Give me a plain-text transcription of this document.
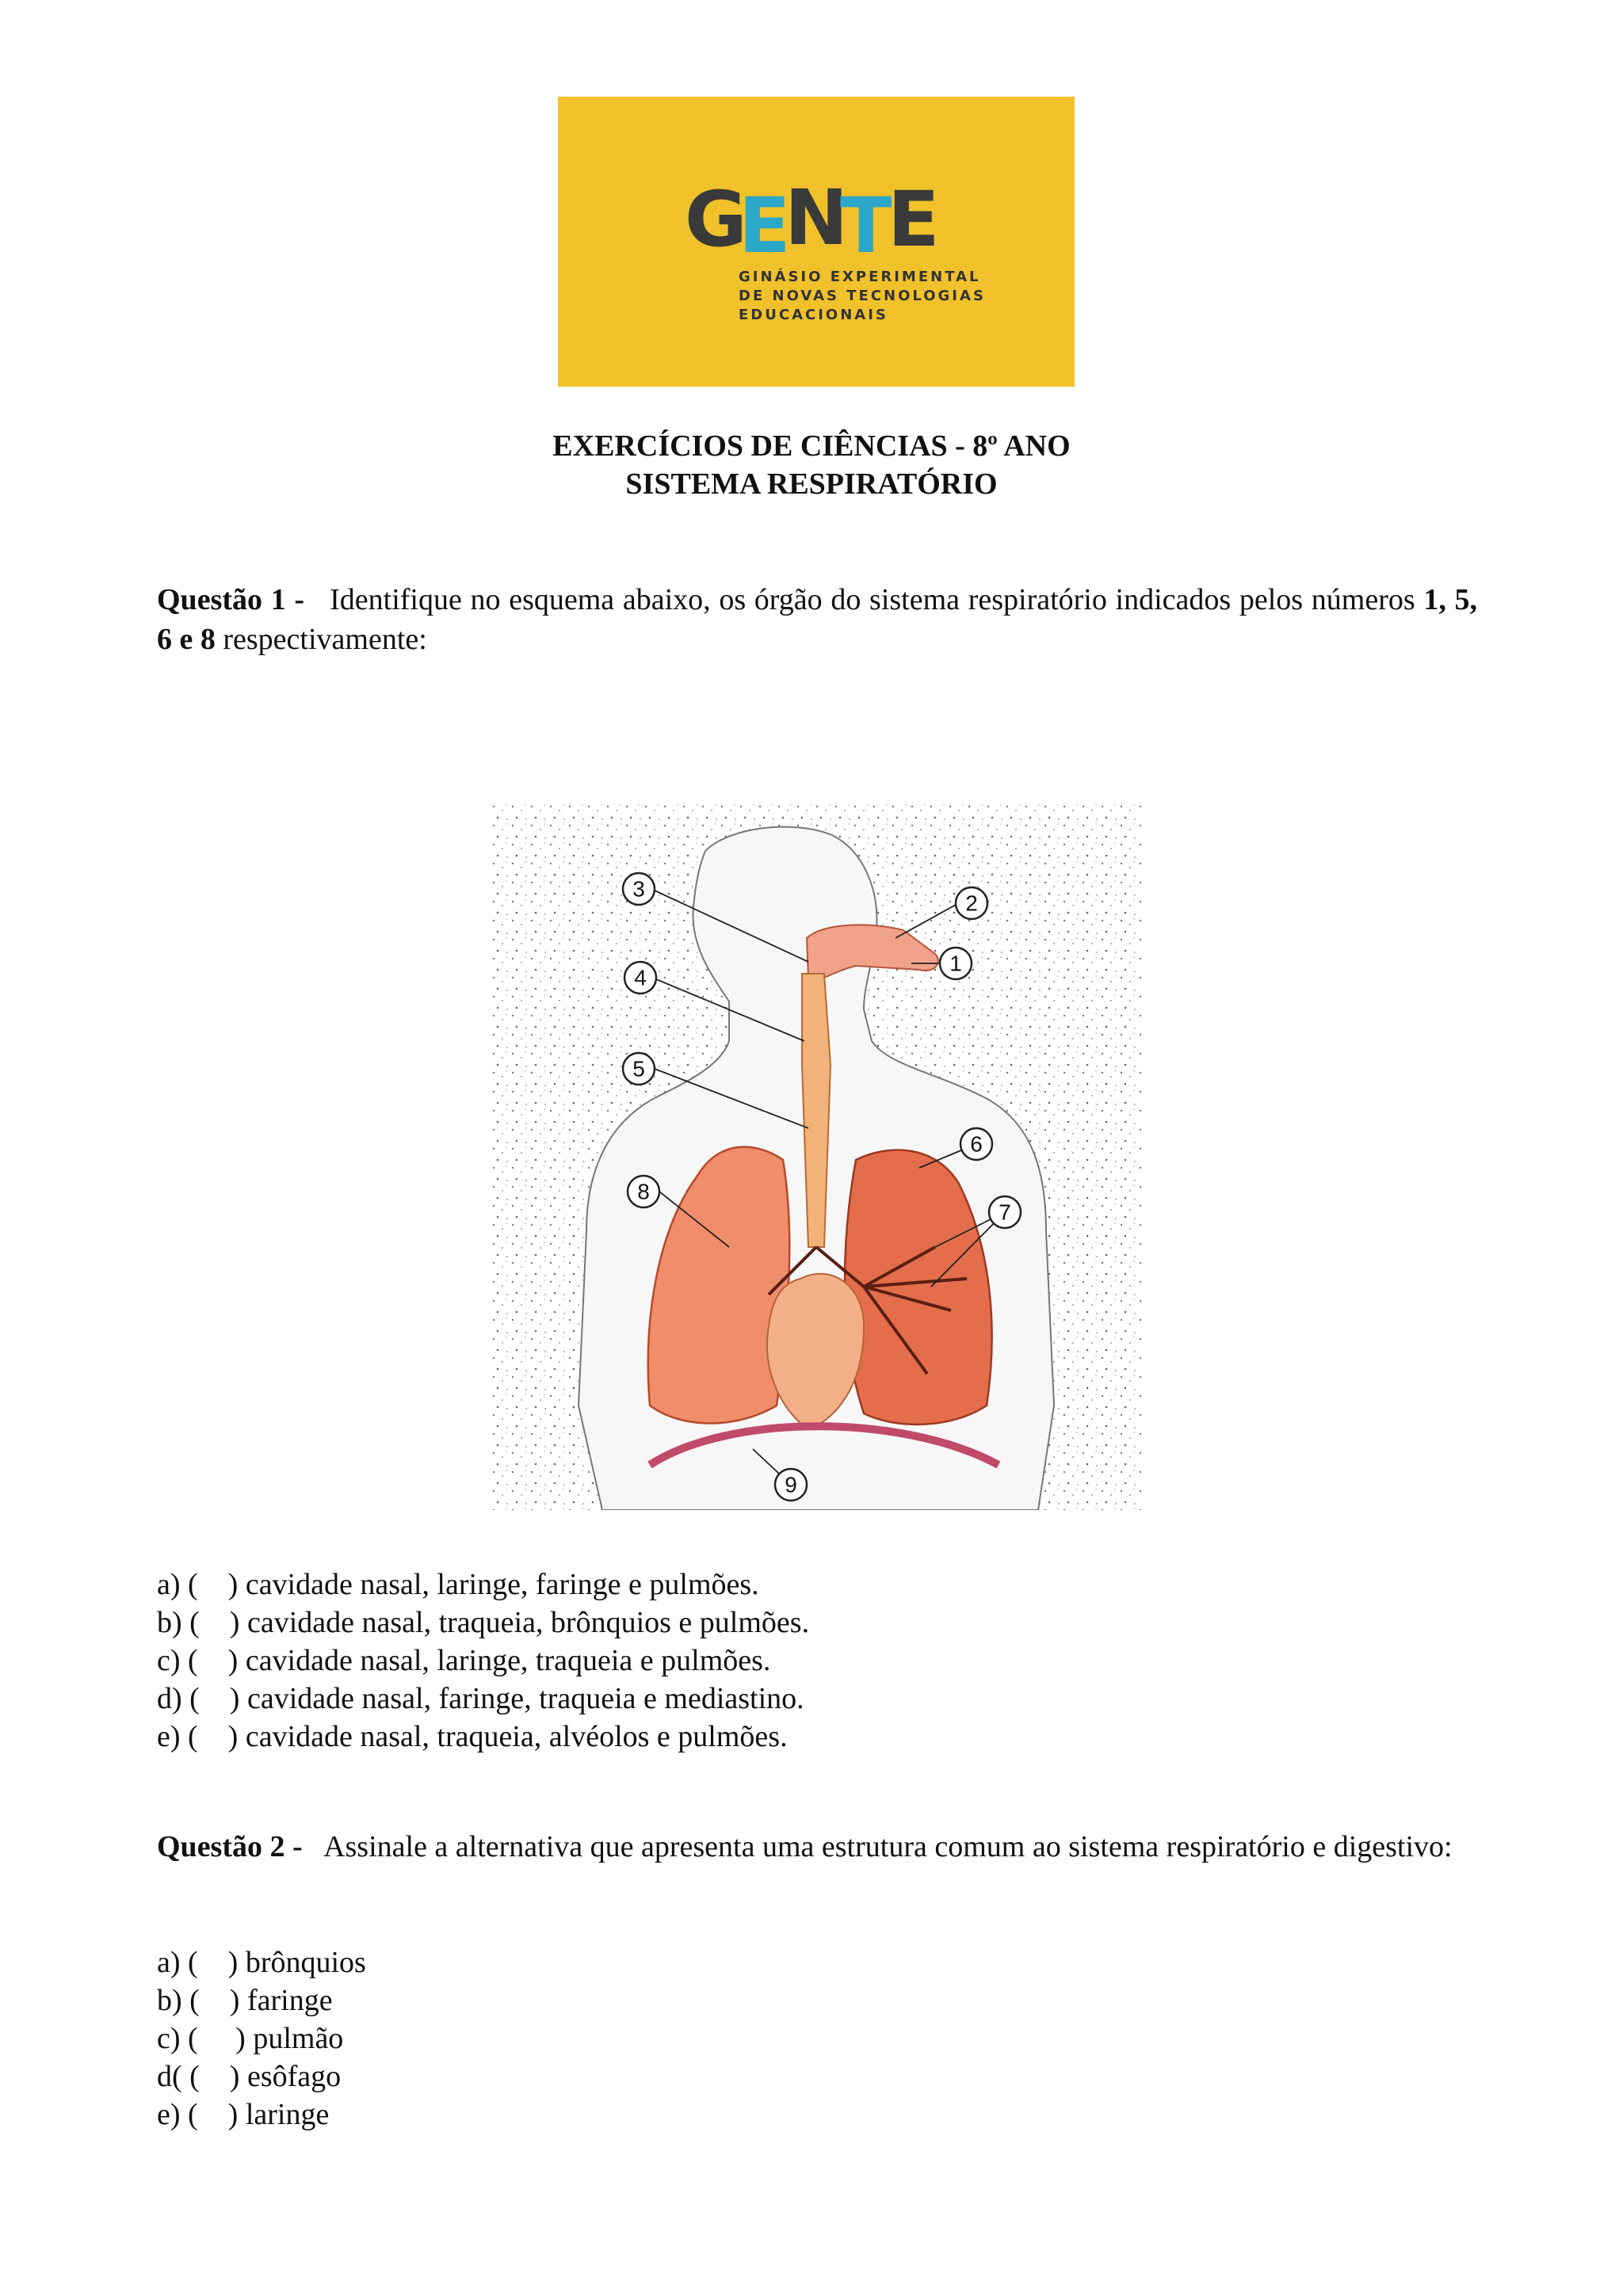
G
E
N
T
E
GINÁSIO EXPERIMENTAL
DE NOVAS TECNOLOGIAS
EDUCACIONAIS
EXERCÍCIOS DE CIÊNCIAS - 8º ANO
SISTEMA RESPIRATÓRIO
Questão 1 - Identifique no esquema abaixo, os órgão do sistema respiratório indicados pelos números 1, 5, 6 e 8 respectivamente:
1
2
3
4
5
6
7
8
9
a) (    ) cavidade nasal, laringe, faringe e pulmões.
b) (    ) cavidade nasal, traqueia, brônquios e pulmões.
c) (    ) cavidade nasal, laringe, traqueia e pulmões.
d) (    ) cavidade nasal, faringe, traqueia e mediastino.
e) (    ) cavidade nasal, traqueia, alvéolos e pulmões.
Questão 2 - Assinale a alternativa que apresenta uma estrutura comum ao sistema respiratório e digestivo:
a) (    ) brônquios
b) (    ) faringe
c) (     ) pulmão
d( (    ) esôfago
e) (    ) laringe
